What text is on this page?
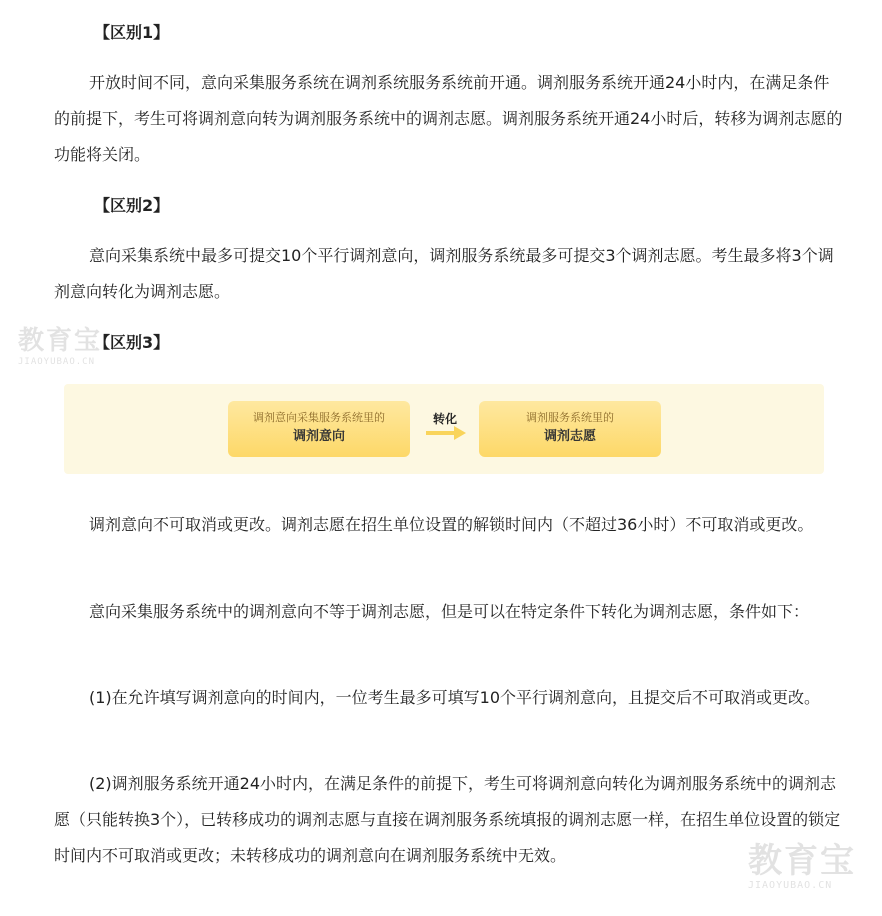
【区别1】

开放时间不同，意向采集服务系统在调剂系统服务系统前开通。调剂服务系统开通24小时内，在满足条件的前提下，考生可将调剂意向转为调剂服务系统中的调剂志愿。调剂服务系统开通24小时后，转移为调剂志愿的功能将关闭。

【区别2】

意向采集系统中最多可提交10个平行调剂意向，调剂服务系统最多可提交3个调剂志愿。考生最多将3个调剂意向转化为调剂志愿。

【区别3】
调剂意向采集服务系统里的
调剂意向
转化	调剂服务系统里的
调剂志愿

调剂意向不可取消或更改。调剂志愿在招生单位设置的解锁时间内（不超过36小时）不可取消或更改。

意向采集服务系统中的调剂意向不等于调剂志愿，但是可以在特定条件下转化为调剂志愿，条件如下：

(1)在允许填写调剂意向的时间内，一位考生最多可填写10个平行调剂意向，且提交后不可取消或更改。

(2)调剂服务系统开通24小时内，在满足条件的前提下，考生可将调剂意向转化为调剂服务系统中的调剂志愿（只能转换3个），已转移成功的调剂志愿与直接在调剂服务系统填报的调剂志愿一样，在招生单位设置的锁定时间内不可取消或更改；未转移成功的调剂意向在调剂服务系统中无效。

教育宝
JIAOYUBAO.CN
教育宝
JIAOYUBAO.CN
